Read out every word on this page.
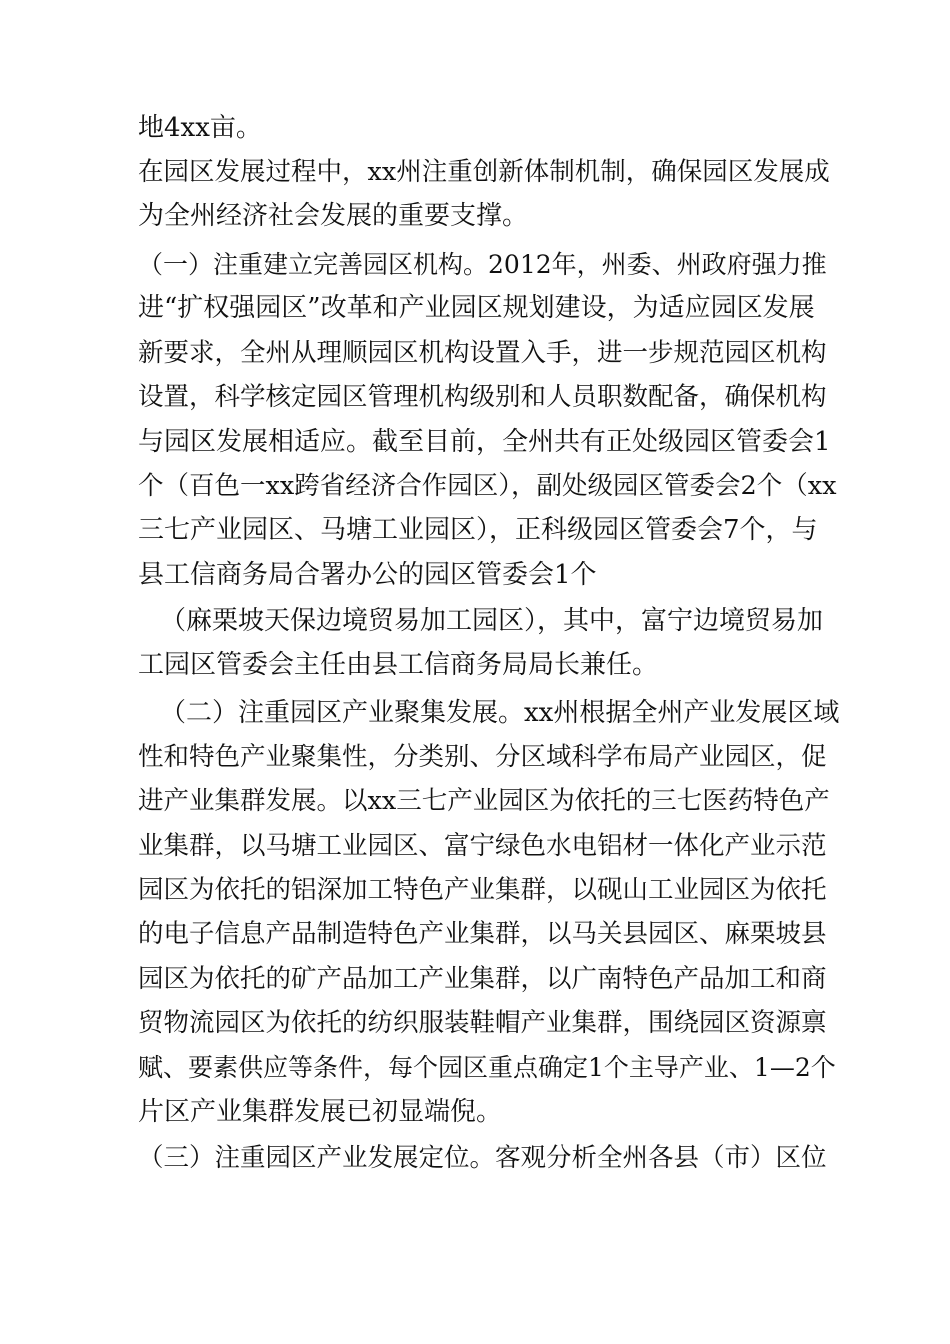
地4xx亩。
在园区发展过程中，xx州注重创新体制机制，确保园区发展成
为全州经济社会发展的重要支撑。
（一）注重建立完善园区机构。2012年，州委、州政府强力推
进“扩权强园区”改革和产业园区规划建设，为适应园区发展
新要求，全州从理顺园区机构设置入手，进一步规范园区机构
设置，科学核定园区管理机构级别和人员职数配备，确保机构
与园区发展相适应。截至目前，全州共有正处级园区管委会1
个（百色一xx跨省经济合作园区），副处级园区管委会2个（xx
三七产业园区、马塘工业园区），正科级园区管委会7个，与
县工信商务局合署办公的园区管委会1个
（麻栗坡天保边境贸易加工园区），其中，富宁边境贸易加
工园区管委会主任由县工信商务局局长兼任。
（二）注重园区产业聚集发展。xx州根据全州产业发展区域
性和特色产业聚集性，分类别、分区域科学布局产业园区，促
进产业集群发展。以xx三七产业园区为依托的三七医药特色产
业集群，以马塘工业园区、富宁绿色水电铝材一体化产业示范
园区为依托的铝深加工特色产业集群，以砚山工业园区为依托
的电子信息产品制造特色产业集群，以马关县园区、麻栗坡县
园区为依托的矿产品加工产业集群，以广南特色产品加工和商
贸物流园区为依托的纺织服装鞋帽产业集群，围绕园区资源禀
赋、要素供应等条件，每个园区重点确定1个主导产业、1—2个
片区产业集群发展已初显端倪。
（三）注重园区产业发展定位。客观分析全州各县（市）区位
